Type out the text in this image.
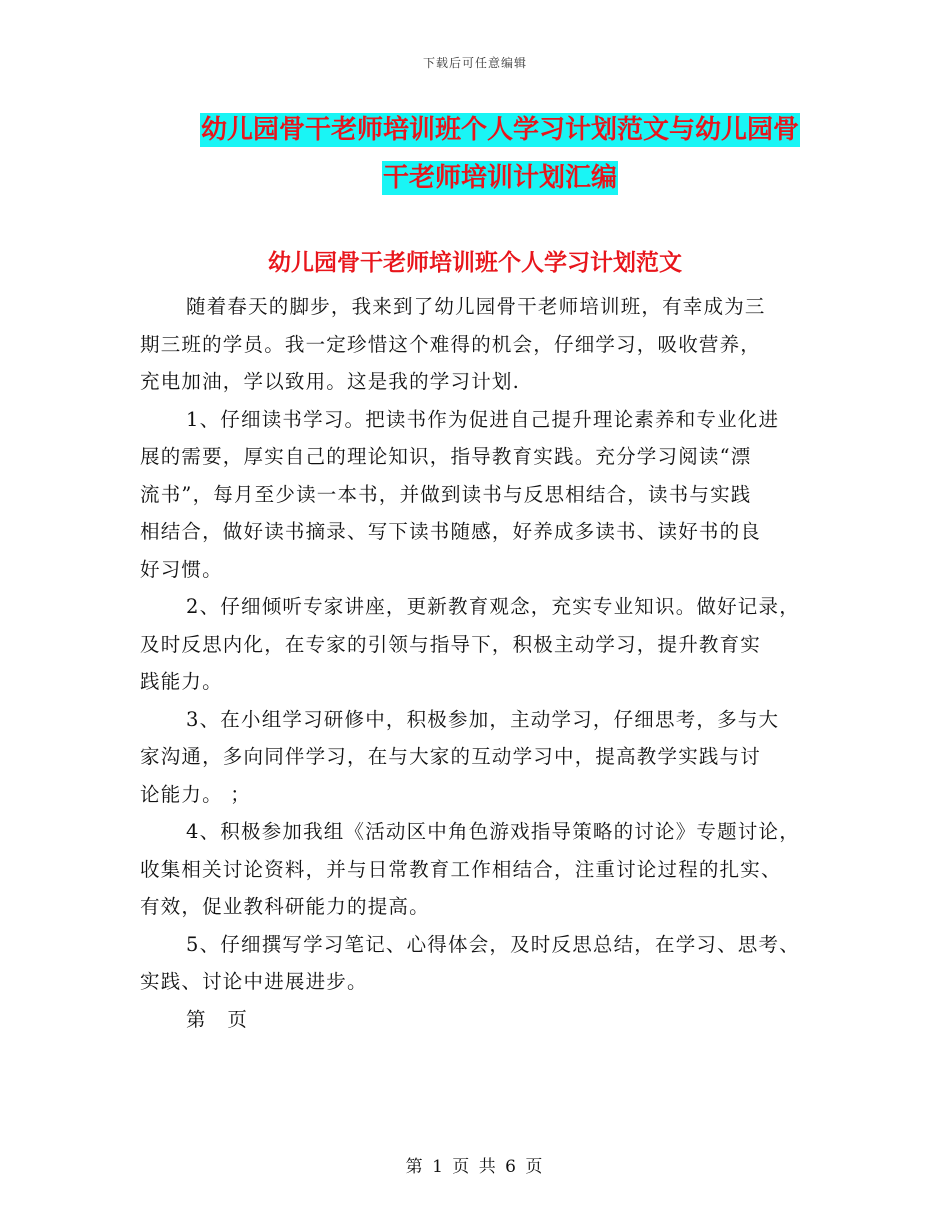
下载后可任意编辑
幼儿园骨干老师培训班个人学习计划范文与幼儿园骨
干老师培训计划汇编
幼儿园骨干老师培训班个人学习计划范文
随着春天的脚步，我来到了幼儿园骨干老师培训班，有幸成为三
期三班的学员。我一定珍惜这个难得的机会，仔细学习，吸收营养，
充电加油，学以致用。这是我的学习计划.
1、仔细读书学习。把读书作为促进自己提升理论素养和专业化进
展的需要，厚实自己的理论知识，指导教育实践。充分学习阅读“漂
流书”，每月至少读一本书，并做到读书与反思相结合，读书与实践
相结合，做好读书摘录、写下读书随感，好养成多读书、读好书的良
好习惯。
2、仔细倾听专家讲座，更新教育观念，充实专业知识。做好记录，
及时反思内化，在专家的引领与指导下，积极主动学习，提升教育实
践能力。
3、在小组学习研修中，积极参加，主动学习，仔细思考，多与大
家沟通，多向同伴学习，在与大家的互动学习中，提高教学实践与讨
论能力。 ；
4、积极参加我组《活动区中角色游戏指导策略的讨论》专题讨论，
收集相关讨论资料，并与日常教育工作相结合，注重讨论过程的扎实、
有效，促业教科研能力的提高。
5、仔细撰写学习笔记、心得体会，及时反思总结，在学习、思考、
实践、讨论中进展进步。
第　页
第 1 页 共 6 页
